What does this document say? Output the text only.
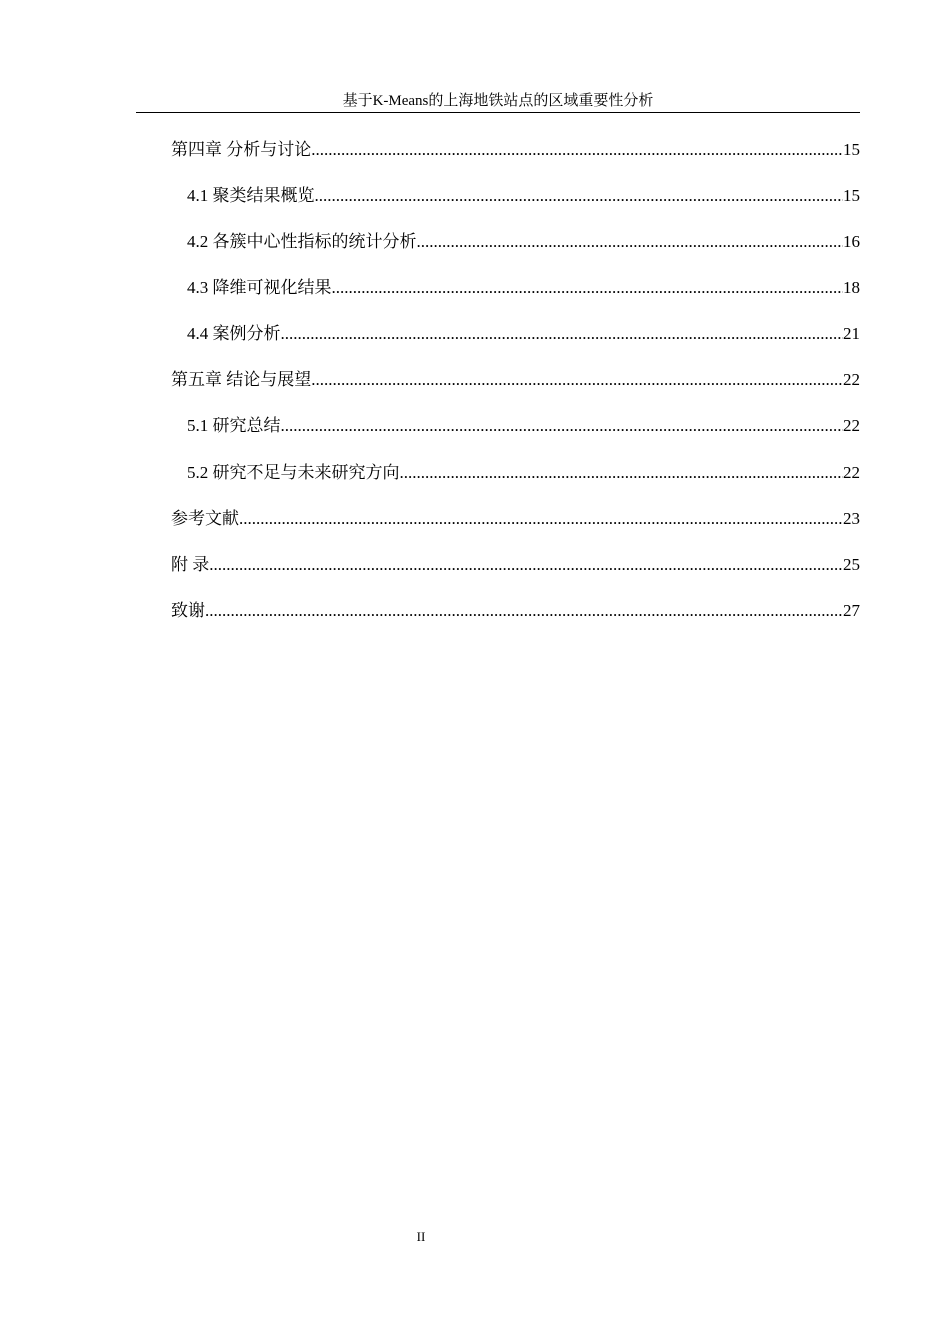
基于K-Means的上海地铁站点的区域重要性分析
第四章 分析与讨论 .....	15
4.1 聚类结果概览 .....	15
4.2 各簇中心性指标的统计分析 .....	16
4.3 降维可视化结果 .....	18
4.4 案例分析 .....	21
第五章 结论与展望 .....	22
5.1 研究总结 .....	22
5.2 研究不足与未来研究方向 .....	22
参考文献 .....	23
附 录 .....	25
致谢 .....	27
II
